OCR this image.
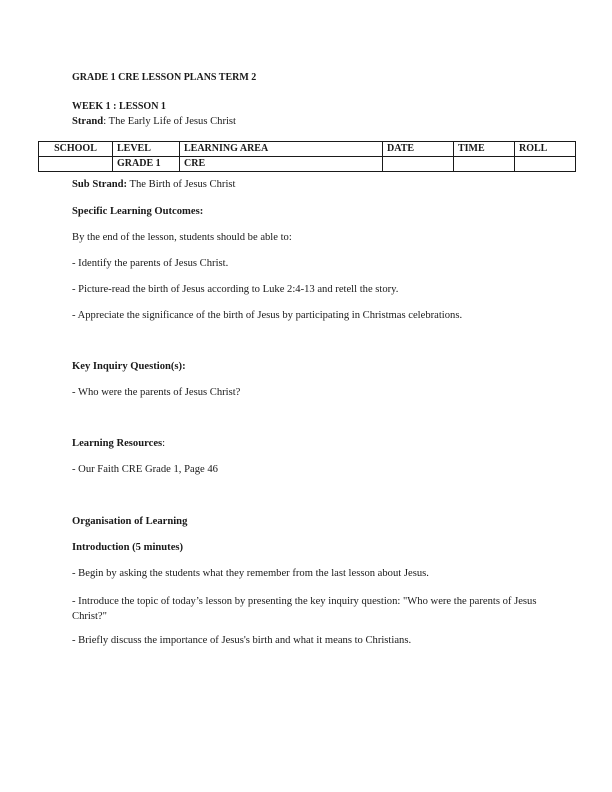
GRADE 1 CRE LESSON PLANS TERM 2
WEEK 1 : LESSON 1
Strand: The Early Life of Jesus Christ
SCHOOL	LEVEL	LEARNING AREA	DATE	TIME	ROLL
	GRADE 1	CRE			
Sub Strand: The Birth of Jesus Christ
Specific Learning Outcomes:
By the end of the lesson, students should be able to:
- Identify the parents of Jesus Christ.
- Picture-read the birth of Jesus according to Luke 2:4-13 and retell the story.
- Appreciate the significance of the birth of Jesus by participating in Christmas celebrations.
Key Inquiry Question(s):
- Who were the parents of Jesus Christ?
Learning Resources:
- Our Faith CRE Grade 1, Page 46
Organisation of Learning
Introduction (5 minutes)
- Begin by asking the students what they remember from the last lesson about Jesus.
- Introduce the topic of today’s lesson by presenting the key inquiry question: "Who were the parents of Jesus Christ?"
- Briefly discuss the importance of Jesus's birth and what it means to Christians.
